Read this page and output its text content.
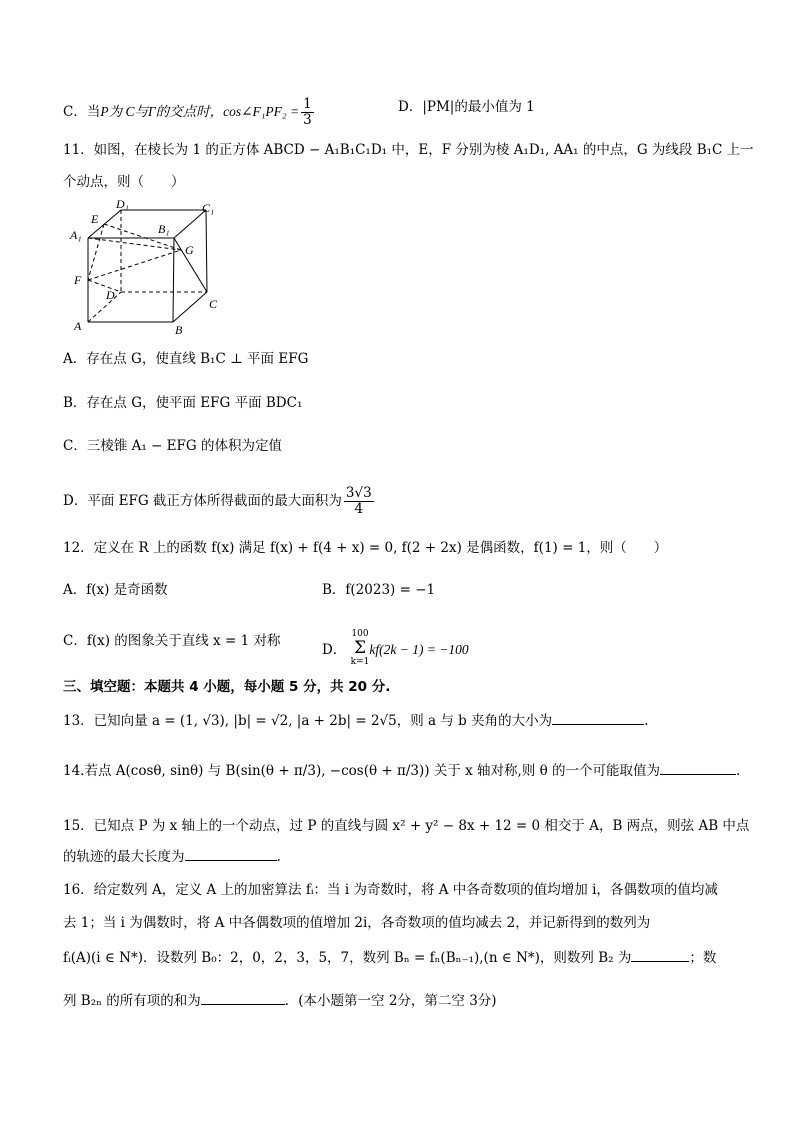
C．当P为 C与Γ的交点时，cos∠F₁PF₂ = $\frac{1}{3}$	D．|PM|的最小值为 1
11．如图，在棱长为 1 的正方体 ABCD − A₁B₁C₁D₁ 中，E，F 分别为棱 A₁D₁, AA₁ 的中点，G 为线段 B₁C 上一
个动点，则（　　）
D₁	C₁
E
A₁	B₁
G
F
D
C
A	B
A．存在点 G，使直线 B₁C ⊥ 平面 EFG
B．存在点 G，使平面 EFG 平面 BDC₁
C．三棱锥 A₁ − EFG 的体积为定值
D．平面 EFG 截正方体所得截面的最大面积为 $\frac{3√3}{4}$
12．定义在 R 上的函数 f(x) 满足 f(x) + f(4 + x) = 0, f(2 + 2x) 是偶函数，f(1) = 1，则（　　）
A．f(x) 是奇函数	B．f(2023) = −1
C．f(x) 的图象关于直线 x = 1 对称
D．
100
Σ
k=1
kf(2k − 1) = −100
三、填空题：本题共 4 小题，每小题 5 分，共 20 分.
13．已知向量 a = (1, √3), |b| = √2, |a + 2b| = 2√5，则 a 与 b 夹角的大小为	.
14.若点 A(cosθ, sinθ) 与 B(sin(θ + π/3), −cos(θ + π/3)) 关于 x 轴对称,则 θ 的一个可能取值为	.
15．已知点 P 为 x 轴上的一个动点，过 P 的直线与圆 x² + y² − 8x + 12 = 0 相交于 A，B 两点，则弦 AB 中点
的轨迹的最大长度为	.
16．给定数列 A，定义 A 上的加密算法 fᵢ：当 i 为奇数时，将 A 中各奇数项的值均增加 i，各偶数项的值均减
去 1；当 i 为偶数时，将 A 中各偶数项的值增加 2i，各奇数项的值均减去 2，并记新得到的数列为
fᵢ(A)(i ∈ N*)．设数列 B₀：2，0，2，3，5，7，数列 Bₙ = fₙ(Bₙ₋₁),(n ∈ N*)，则数列 B₂ 为	；数
列 B₂ₙ 的所有项的和为	．(本小题第一空 2分，第二空 3分)
